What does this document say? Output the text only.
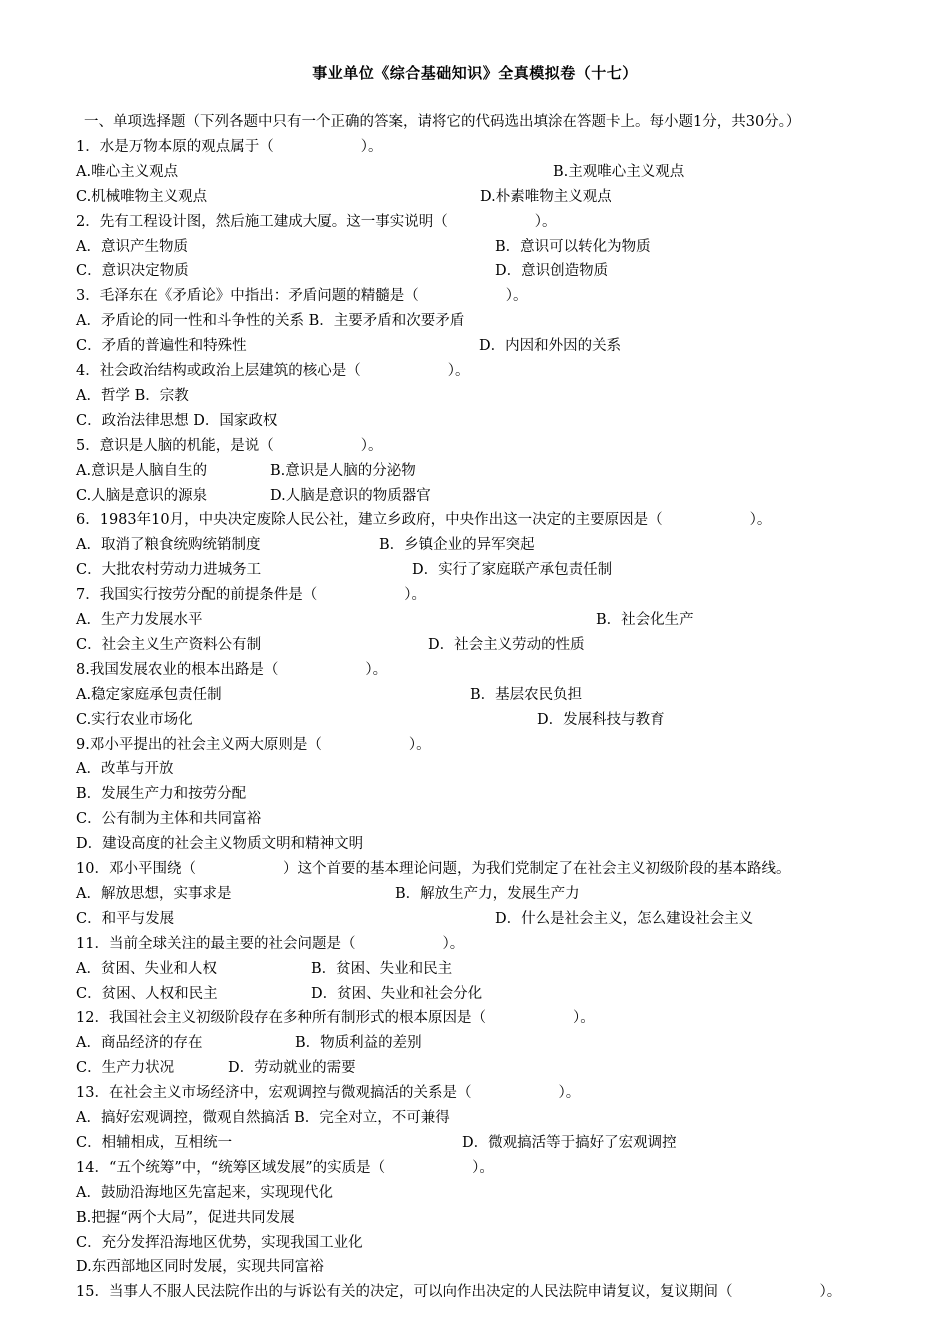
事业单位《综合基础知识》全真模拟卷（十七）
一、单项选择题（下列各题中只有一个正确的答案，请将它的代码选出填涂在答题卡上。每小题1分，共30分。）
1．水是万物本原的观点属于（　　　　　　）。
A.唯心主义观点	B.主观唯心主义观点
C.机械唯物主义观点	D.朴素唯物主义观点
2．先有工程设计图，然后施工建成大厦。这一事实说明（　　　　　　）。
A．意识产生物质	B．意识可以转化为物质
C．意识决定物质	D．意识创造物质
3．毛泽东在《矛盾论》中指出：矛盾问题的精髓是（　　　　　　）。
A．矛盾论的同一性和斗争性的关系 B．主要矛盾和次要矛盾
C．矛盾的普遍性和特殊性	D．内因和外因的关系
4．社会政治结构或政治上层建筑的核心是（　　　　　　）。
A．哲学 B．宗教
C．政治法律思想 D．国家政权
5．意识是人脑的机能，是说（　　　　　　）。
A.意识是人脑自生的	B.意识是人脑的分泌物
C.人脑是意识的源泉	D.人脑是意识的物质器官
6．1983年10月，中央决定废除人民公社，建立乡政府，中央作出这一决定的主要原因是（　　　　　　）。
A．取消了粮食统购统销制度	B．乡镇企业的异军突起
C．大批农村劳动力进城务工	D．实行了家庭联产承包责任制
7．我国实行按劳分配的前提条件是（　　　　　　）。
A．生产力发展水平	B．社会化生产
C．社会主义生产资料公有制	D．社会主义劳动的性质
8.我国发展农业的根本出路是（　　　　　　）。
A.稳定家庭承包责任制	B．基层农民负担
C.实行农业市场化	D．发展科技与教育
9.邓小平提出的社会主义两大原则是（　　　　　　）。
A．改革与开放
B．发展生产力和按劳分配
C．公有制为主体和共同富裕
D．建设高度的社会主义物质文明和精神文明
10．邓小平围绕（　　　　　　）这个首要的基本理论问题，为我们党制定了在社会主义初级阶段的基本路线。
A．解放思想，实事求是	B．解放生产力，发展生产力
C．和平与发展	D．什么是社会主义，怎么建设社会主义
11．当前全球关注的最主要的社会问题是（　　　　　　）。
A．贫困、失业和人权	B．贫困、失业和民主
C．贫困、人权和民主	D．贫困、失业和社会分化
12．我国社会主义初级阶段存在多种所有制形式的根本原因是（　　　　　　）。
A．商品经济的存在	B．物质利益的差别
C．生产力状况	D．劳动就业的需要
13．在社会主义市场经济中，宏观调控与微观搞活的关系是（　　　　　　）。
A．搞好宏观调控，微观自然搞活 B．完全对立，不可兼得
C．相辅相成，互相统一	D．微观搞活等于搞好了宏观调控
14．“五个统筹”中，“统筹区域发展”的实质是（　　　　　　）。
A．鼓励沿海地区先富起来，实现现代化
B.把握“两个大局”，促进共同发展
C．充分发挥沿海地区优势，实现我国工业化
D.东西部地区同时发展，实现共同富裕
15．当事人不服人民法院作出的与诉讼有关的决定，可以向作出决定的人民法院申请复议，复议期间（　　　　　　）。
